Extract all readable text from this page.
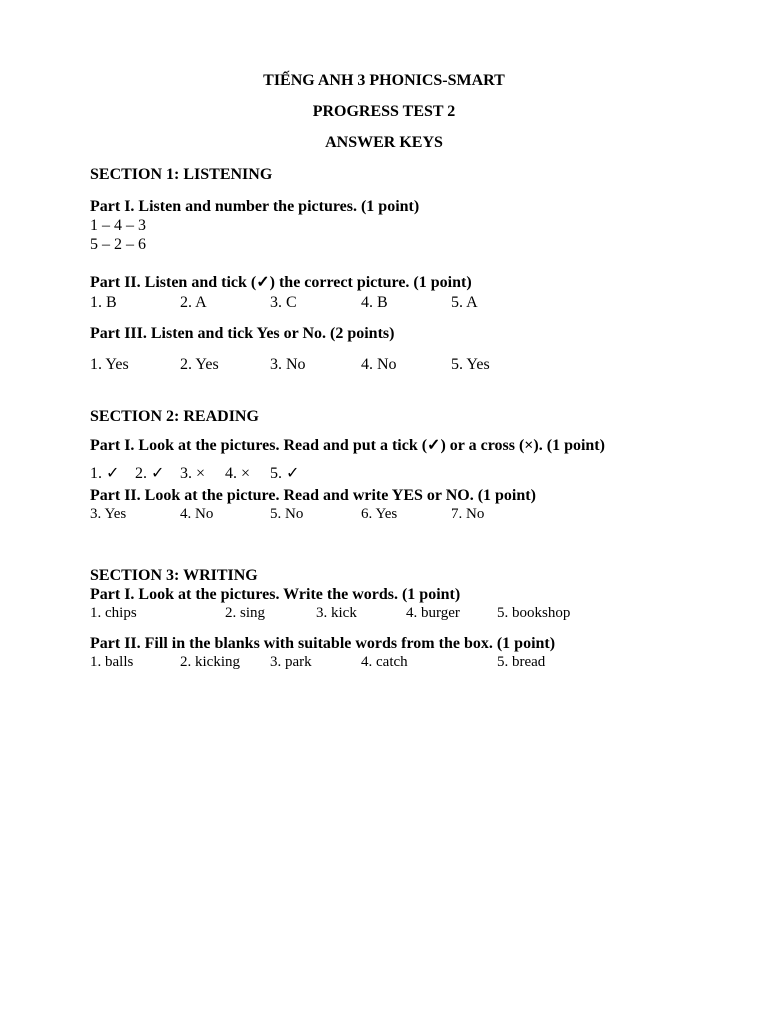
TIẾNG ANH 3 PHONICS-SMART
PROGRESS TEST 2
ANSWER KEYS
SECTION 1: LISTENING
Part I. Listen and number the pictures. (1 point)
1 – 4 – 3
5 – 2 – 6
Part II. Listen and tick (✓) the correct picture. (1 point)
1. B	2. A	3. C	4. B	5. A
Part III. Listen and tick Yes or No. (2 points)
1. Yes	2. Yes	3. No	4. No	5. Yes
SECTION 2: READING
Part I. Look at the pictures. Read and put a tick (✓) or a cross (×). (1 point)
1. ✓ 2. ✓ 3. × 4. × 5. ✓
Part II. Look at the picture. Read and write YES or NO. (1 point)
3. Yes	4. No	5. No	6. Yes	7. No
SECTION 3: WRITING
Part I. Look at the pictures. Write the words. (1 point)
1. chips	2. sing	3. kick	4. burger 5. bookshop
Part II. Fill in the blanks with suitable words from the box. (1 point)
1. balls	2. kicking 3. park	4. catch	5. bread
